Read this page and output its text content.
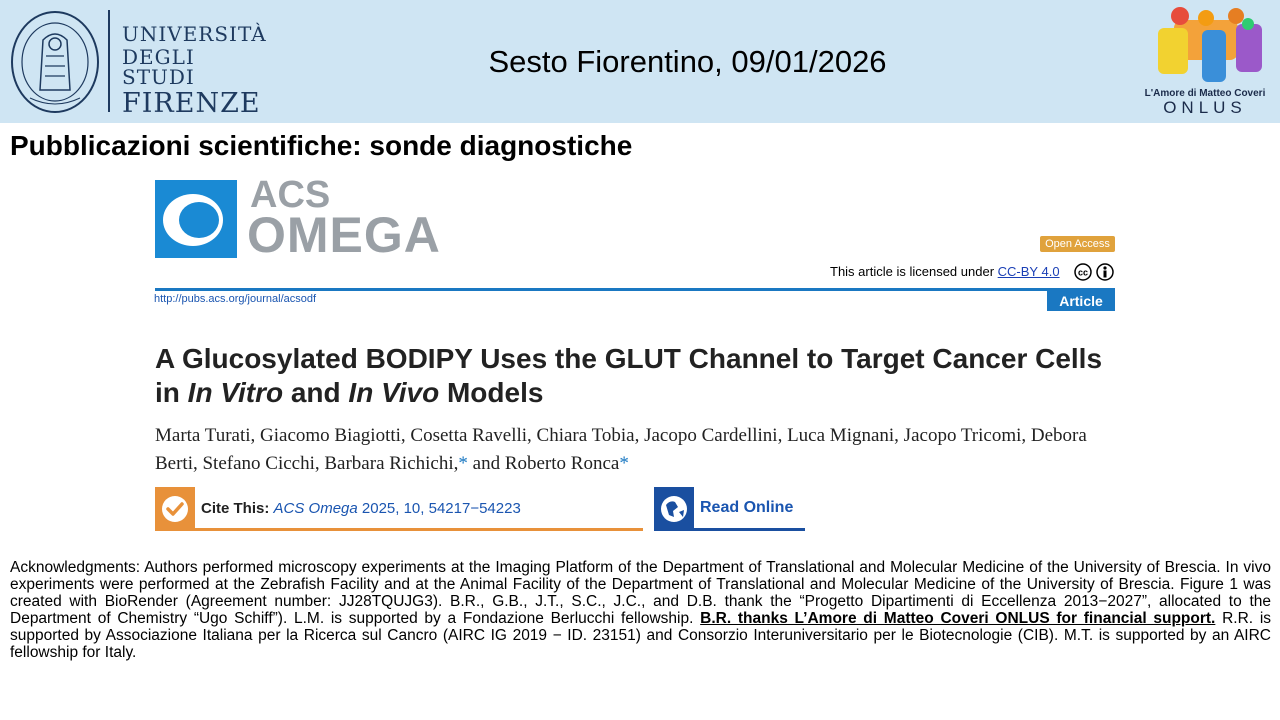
UNIVERSITÀ
DEGLI STUDI
FIRENZE
Sesto Fiorentino, 09/01/2026
L'Amore di Matteo Coveri
ONLUS
Pubblicazioni scientifiche: sonde diagnostiche
ACS
OMEGA	Open Access
This article is licensed under CC-BY 4.0 cc
http://pubs.acs.org/journal/acsodf	Article
A Glucosylated BODIPY Uses the GLUT Channel to Target Cancer Cells in In Vitro and In Vivo Models
Marta Turati, Giacomo Biagiotti, Cosetta Ravelli, Chiara Tobia, Jacopo Cardellini, Luca Mignani, Jacopo Tricomi, Debora Berti, Stefano Cicchi, Barbara Richichi,* and Roberto Ronca*
Cite This: ACS Omega 2025, 10, 54217−54223	Read Online
Acknowledgments: Authors performed microscopy experiments at the Imaging Platform of the Department of Translational and Molecular Medicine of the University of Brescia. In vivo experiments were performed at the Zebrafish Facility and at the Animal Facility of the Department of Translational and Molecular Medicine of the University of Brescia. Figure 1 was created with BioRender (Agreement number: JJ28TQUJG3). B.R., G.B., J.T., S.C., J.C., and D.B. thank the “Progetto Dipartimenti di Eccellenza 2013−2027”, allocated to the Department of Chemistry “Ugo Schiff”). L.M. is supported by a Fondazione Berlucchi fellowship. B.R. thanks L’Amore di Matteo Coveri ONLUS for financial support. R.R. is supported by Associazione Italiana per la Ricerca sul Cancro (AIRC IG 2019 − ID. 23151) and Consorzio Interuniversitario per le Biotecnologie (CIB). M.T. is supported by an AIRC fellowship for Italy.
